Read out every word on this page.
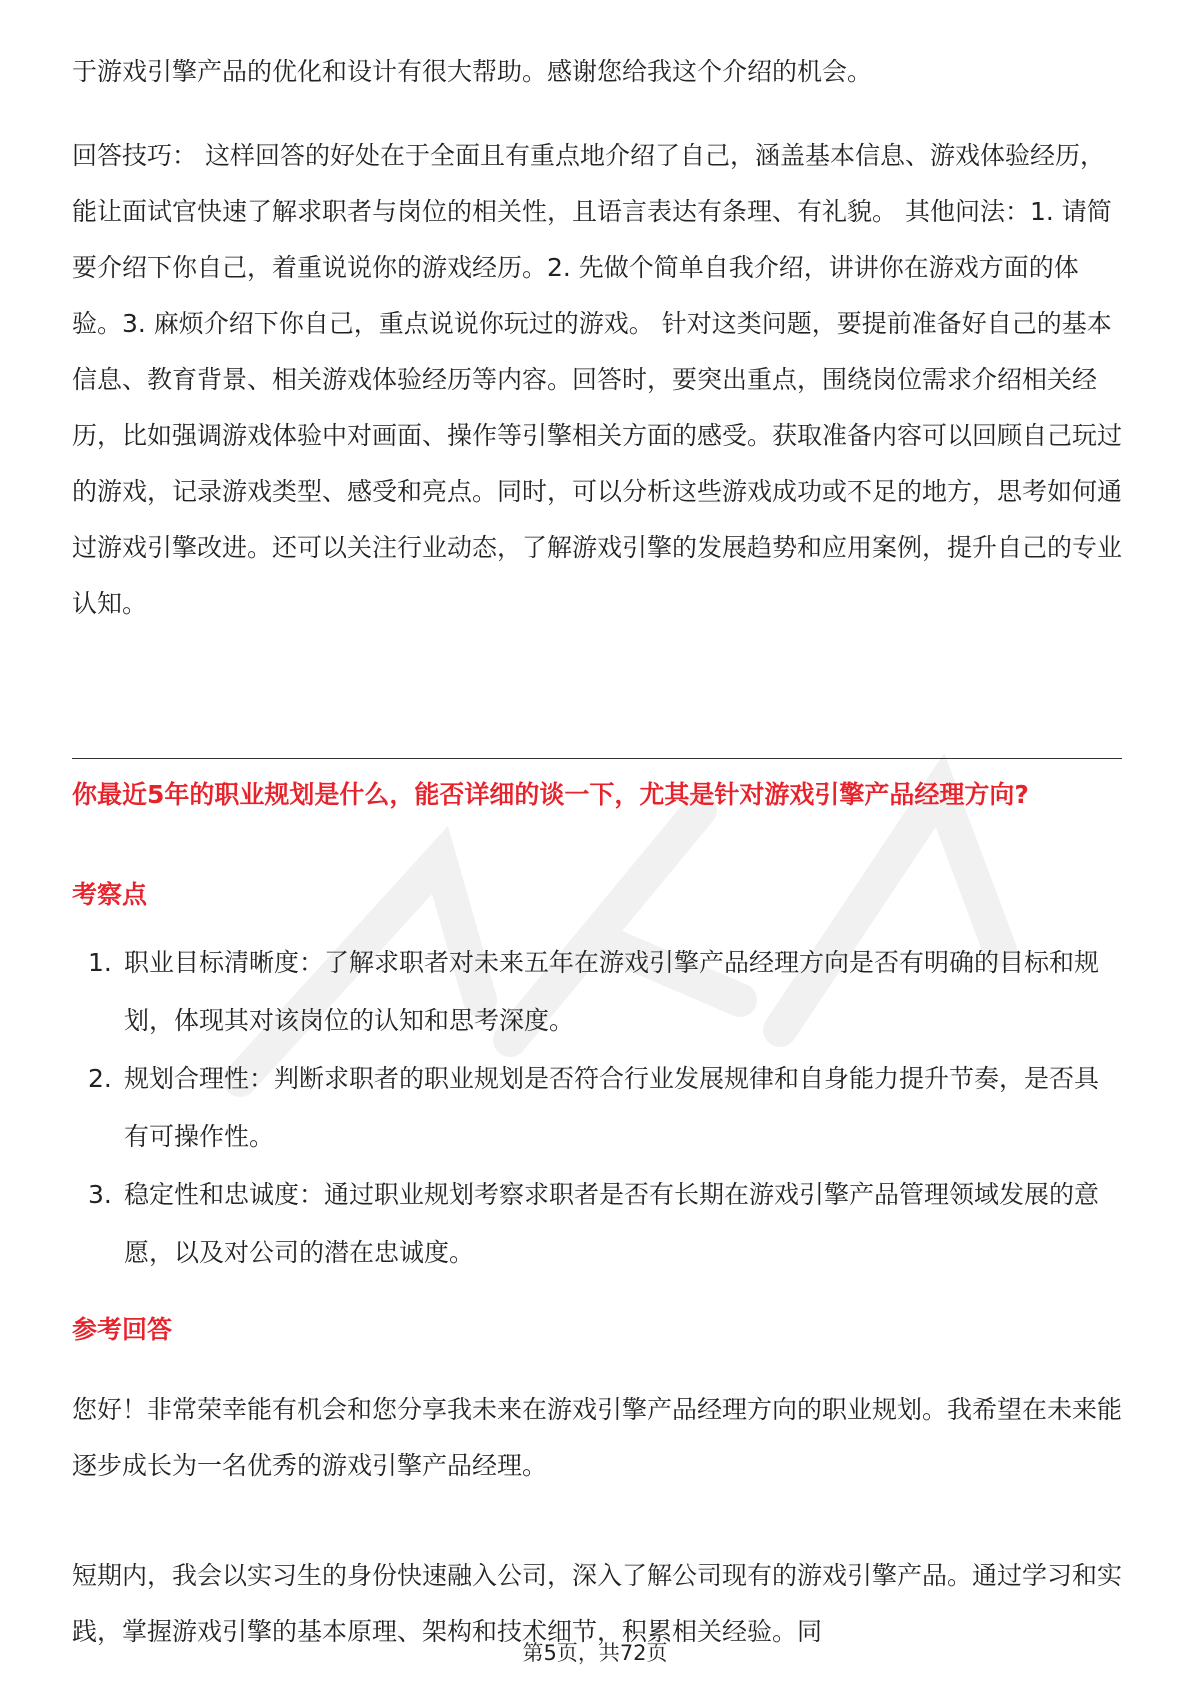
于游戏引擎产品的优化和设计有很大帮助。感谢您给我这个介绍的机会。

回答技巧： 这样回答的好处在于全面且有重点地介绍了自己，涵盖基本信息、游戏体验经历，能让面试官快速了解求职者与岗位的相关性，且语言表达有条理、有礼貌。 其他问法：1. 请简要介绍下你自己，着重说说你的游戏经历。2. 先做个简单自我介绍，讲讲你在游戏方面的体验。3. 麻烦介绍下你自己，重点说说你玩过的游戏。 针对这类问题，要提前准备好自己的基本信息、教育背景、相关游戏体验经历等内容。回答时，要突出重点，围绕岗位需求介绍相关经历，比如强调游戏体验中对画面、操作等引擎相关方面的感受。获取准备内容可以回顾自己玩过的游戏，记录游戏类型、感受和亮点。同时，可以分析这些游戏成功或不足的地方，思考如何通过游戏引擎改进。还可以关注行业动态，了解游戏引擎的发展趋势和应用案例，提升自己的专业认知。

你最近5年的职业规划是什么，能否详细的谈一下，尤其是针对游戏引擎产品经理方向?

考察点

1. 职业目标清晰度：了解求职者对未来五年在游戏引擎产品经理方向是否有明确的目标和规划，体现其对该岗位的认知和思考深度。
2. 规划合理性：判断求职者的职业规划是否符合行业发展规律和自身能力提升节奏，是否具有可操作性。
3. 稳定性和忠诚度：通过职业规划考察求职者是否有长期在游戏引擎产品管理领域发展的意愿，以及对公司的潜在忠诚度。

参考回答

您好！非常荣幸能有机会和您分享我未来在游戏引擎产品经理方向的职业规划。我希望在未来能逐步成长为一名优秀的游戏引擎产品经理。

短期内，我会以实习生的身份快速融入公司，深入了解公司现有的游戏引擎产品。通过学习和实践，掌握游戏引擎的基本原理、架构和技术细节，积累相关经验。同

第5页，共72页
